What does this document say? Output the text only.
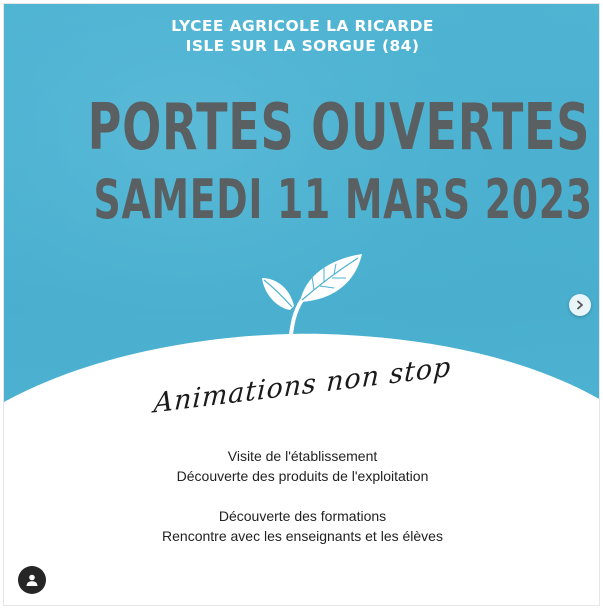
LYCEE AGRICOLE LA RICARDE
ISLE SUR LA SORGUE (84)
PORTES OUVERTES
SAMEDI 11 MARS 2023
Animations non stop
Visite de l'établissement
Découverte des produits de l'exploitation
Découverte des formations
Rencontre avec les enseignants et les élèves
